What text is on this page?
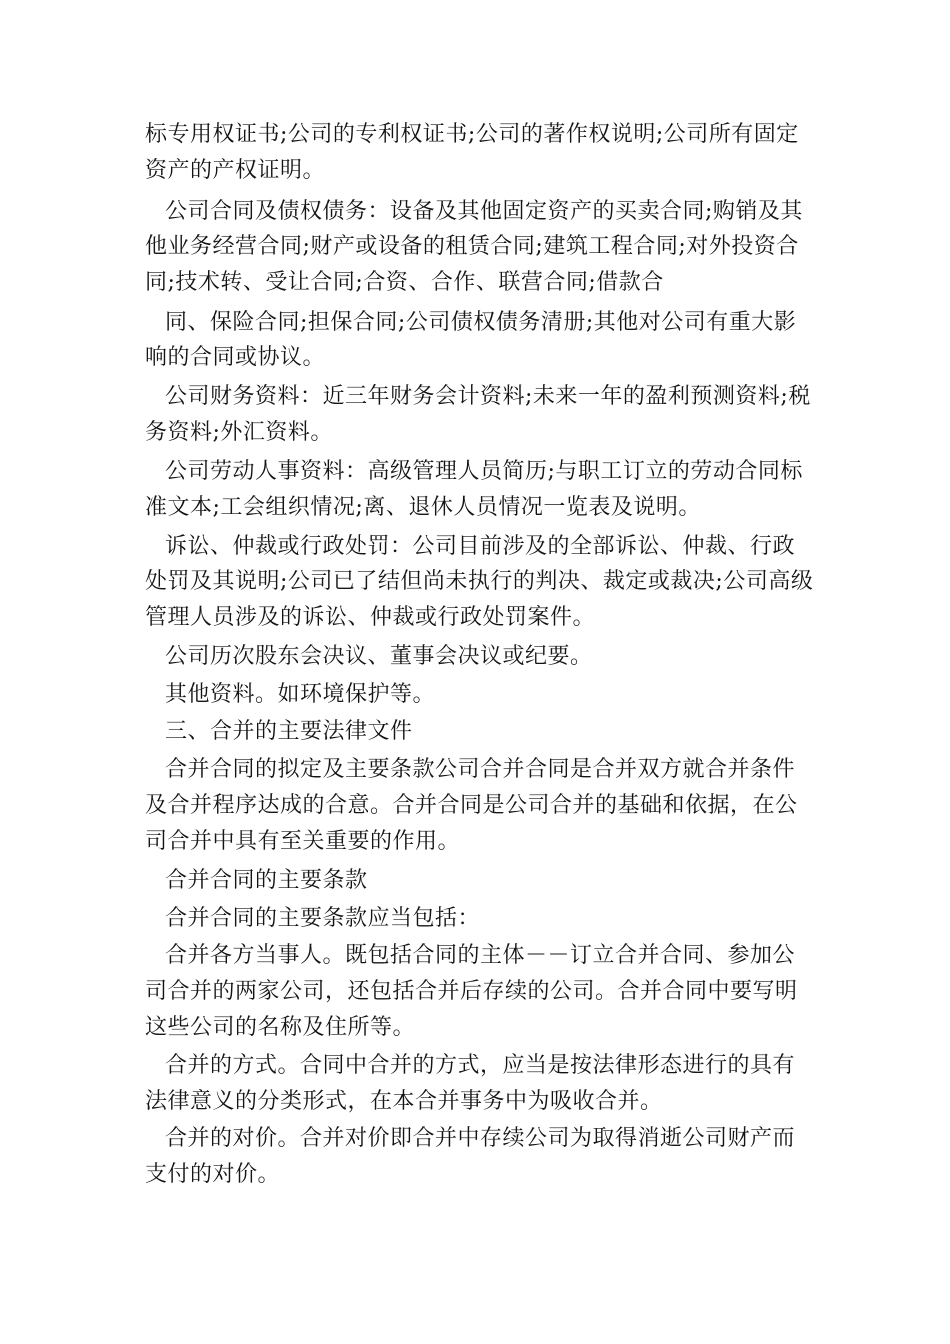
标专用权证书;公司的专利权证书;公司的著作权说明;公司所有固定
资产的产权证明。
公司合同及债权债务：设备及其他固定资产的买卖合同;购销及其
他业务经营合同;财产或设备的租赁合同;建筑工程合同;对外投资合
同;技术转、受让合同;合资、合作、联营合同;借款合
同、保险合同;担保合同;公司债权债务清册;其他对公司有重大影
响的合同或协议。
公司财务资料：近三年财务会计资料;未来一年的盈利预测资料;税
务资料;外汇资料。
公司劳动人事资料：高级管理人员简历;与职工订立的劳动合同标
准文本;工会组织情况;离、退休人员情况一览表及说明。
诉讼、仲裁或行政处罚：公司目前涉及的全部诉讼、仲裁、行政
处罚及其说明;公司已了结但尚未执行的判决、裁定或裁决;公司高级
管理人员涉及的诉讼、仲裁或行政处罚案件。
公司历次股东会决议、董事会决议或纪要。
其他资料。如环境保护等。
三、合并的主要法律文件
合并合同的拟定及主要条款公司合并合同是合并双方就合并条件
及合并程序达成的合意。合并合同是公司合并的基础和依据，在公
司合并中具有至关重要的作用。
合并合同的主要条款
合并合同的主要条款应当包括：
合并各方当事人。既包括合同的主体－－订立合并合同、参加公
司合并的两家公司，还包括合并后存续的公司。合并合同中要写明
这些公司的名称及住所等。
合并的方式。合同中合并的方式，应当是按法律形态进行的具有
法律意义的分类形式，在本合并事务中为吸收合并。
合并的对价。合并对价即合并中存续公司为取得消逝公司财产而
支付的对价。
